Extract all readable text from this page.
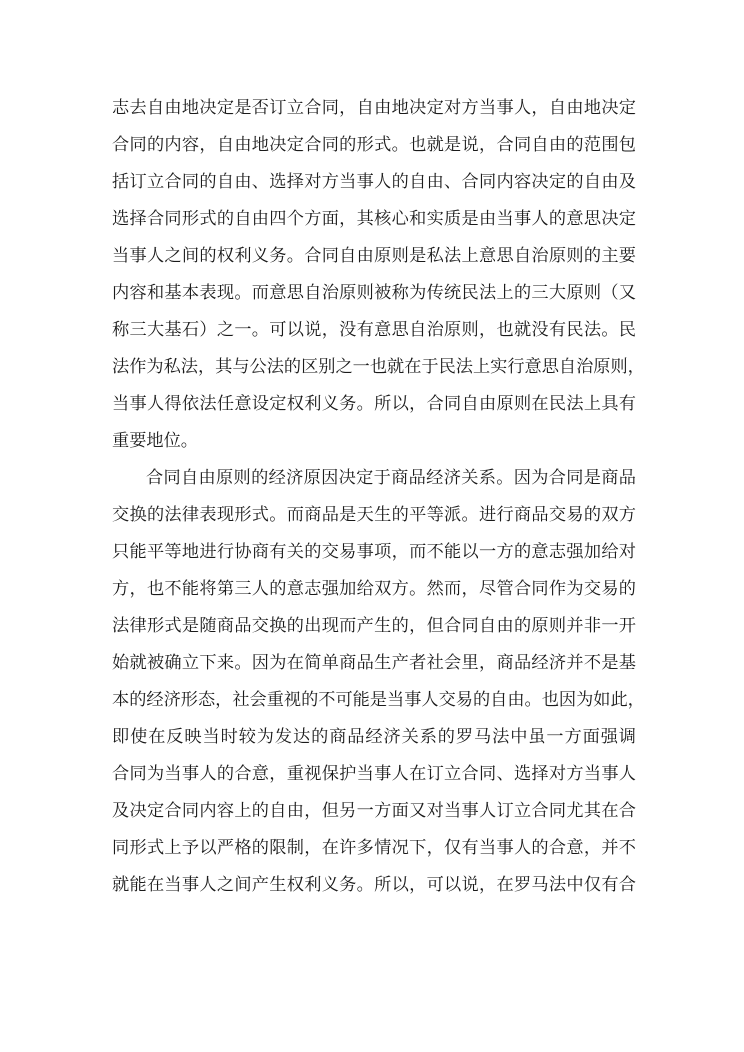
志去自由地决定是否订立合同，自由地决定对方当事人，自由地决定
合同的内容，自由地决定合同的形式。也就是说，合同自由的范围包
括订立合同的自由、选择对方当事人的自由、合同内容决定的自由及
选择合同形式的自由四个方面，其核心和实质是由当事人的意思决定
当事人之间的权利义务。合同自由原则是私法上意思自治原则的主要
内容和基本表现。而意思自治原则被称为传统民法上的三大原则（又
称三大基石）之一。可以说，没有意思自治原则，也就没有民法。民
法作为私法，其与公法的区别之一也就在于民法上实行意思自治原则，
当事人得依法任意设定权利义务。所以，合同自由原则在民法上具有
重要地位。
合同自由原则的经济原因决定于商品经济关系。因为合同是商品
交换的法律表现形式。而商品是天生的平等派。进行商品交易的双方
只能平等地进行协商有关的交易事项，而不能以一方的意志强加给对
方，也不能将第三人的意志强加给双方。然而，尽管合同作为交易的
法律形式是随商品交换的出现而产生的，但合同自由的原则并非一开
始就被确立下来。因为在简单商品生产者社会里，商品经济并不是基
本的经济形态，社会重视的不可能是当事人交易的自由。也因为如此，
即使在反映当时较为发达的商品经济关系的罗马法中虽一方面强调
合同为当事人的合意，重视保护当事人在订立合同、选择对方当事人
及决定合同内容上的自由，但另一方面又对当事人订立合同尤其在合
同形式上予以严格的限制，在许多情况下，仅有当事人的合意，并不
就能在当事人之间产生权利义务。所以，可以说，在罗马法中仅有合
